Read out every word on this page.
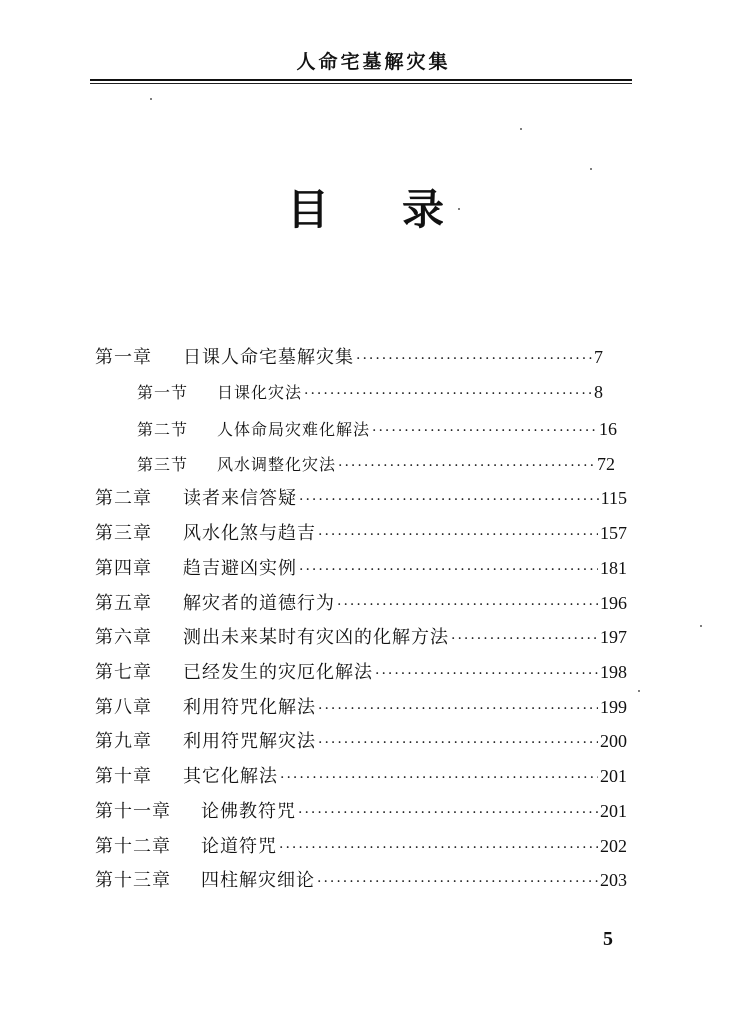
人命宅墓解灾集
目 录
第一章	日课人命宅墓解灾集 ·····	7
第一节	日课化灾法 ·····	8
第二节	人体命局灾难化解法 ·····	16
第三节	风水调整化灾法 ·····	72
第二章	读者来信答疑 ·····	115
第三章	风水化煞与趋吉 ·····	157
第四章	趋吉避凶实例 ·····	181
第五章	解灾者的道德行为 ·····	196
第六章	测出未来某时有灾凶的化解方法 ·····	197
第七章	已经发生的灾厄化解法 ·····	198
第八章	利用符咒化解法 ·····	199
第九章	利用符咒解灾法 ·····	200
第十章	其它化解法 ·····	201
第十一章	论佛教符咒 ·····	201
第十二章	论道符咒 ·····	202
第十三章	四柱解灾细论 ·····	203
5
